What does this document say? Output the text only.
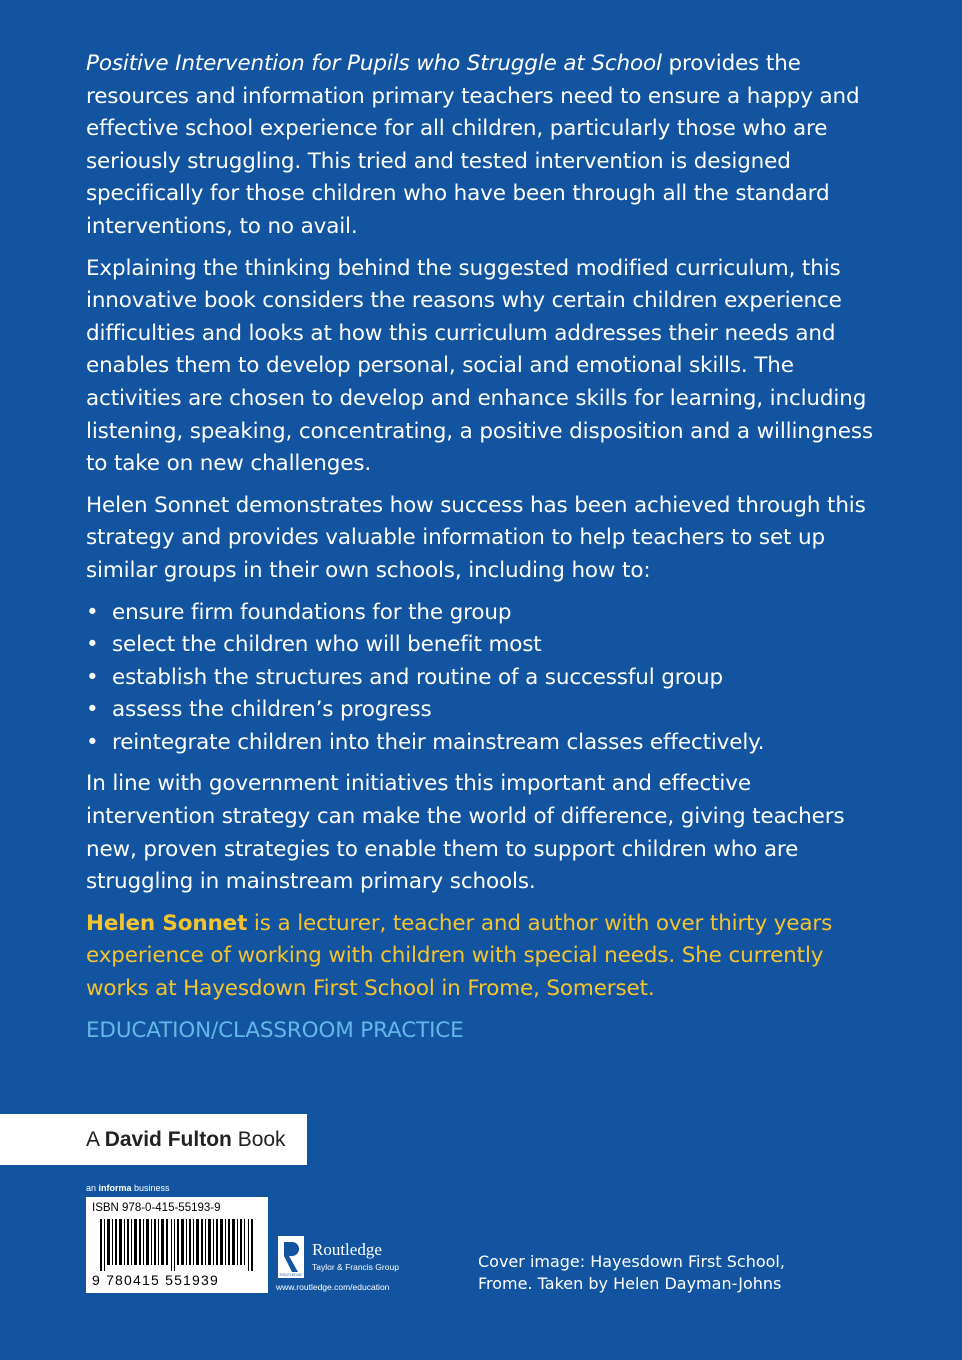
Positive Intervention for Pupils who Struggle at School provides the resources and information primary teachers need to ensure a happy and effective school experience for all children, particularly those who are seriously struggling. This tried and tested intervention is designed specifically for those children who have been through all the standard interventions, to no avail.

Explaining the thinking behind the suggested modified curriculum, this innovative book considers the reasons why certain children experience difficulties and looks at how this curriculum addresses their needs and enables them to develop personal, social and emotional skills. The activities are chosen to develop and enhance skills for learning, including listening, speaking, concentrating, a positive disposition and a willingness to take on new challenges.

Helen Sonnet demonstrates how success has been achieved through this strategy and provides valuable information to help teachers to set up similar groups in their own schools, including how to:

• ensure firm foundations for the group
• select the children who will benefit most
• establish the structures and routine of a successful group
• assess the children’s progress
• reintegrate children into their mainstream classes effectively.

In line with government initiatives this important and effective intervention strategy can make the world of difference, giving teachers new, proven strategies to enable them to support children who are struggling in mainstream primary schools.

Helen Sonnet is a lecturer, teacher and author with over thirty years experience of working with children with special needs. She currently works at Hayesdown First School in Frome, Somerset.

EDUCATION/CLASSROOM PRACTICE

A David Fulton Book
an informa business
ISBN 978-0-415-55193-9
9 780415 551939	ROUTLEDGE
Routledge
Taylor & Francis Group
www.routledge.com/education
Cover image: Hayesdown First School,
Frome. Taken by Helen Dayman-Johns
